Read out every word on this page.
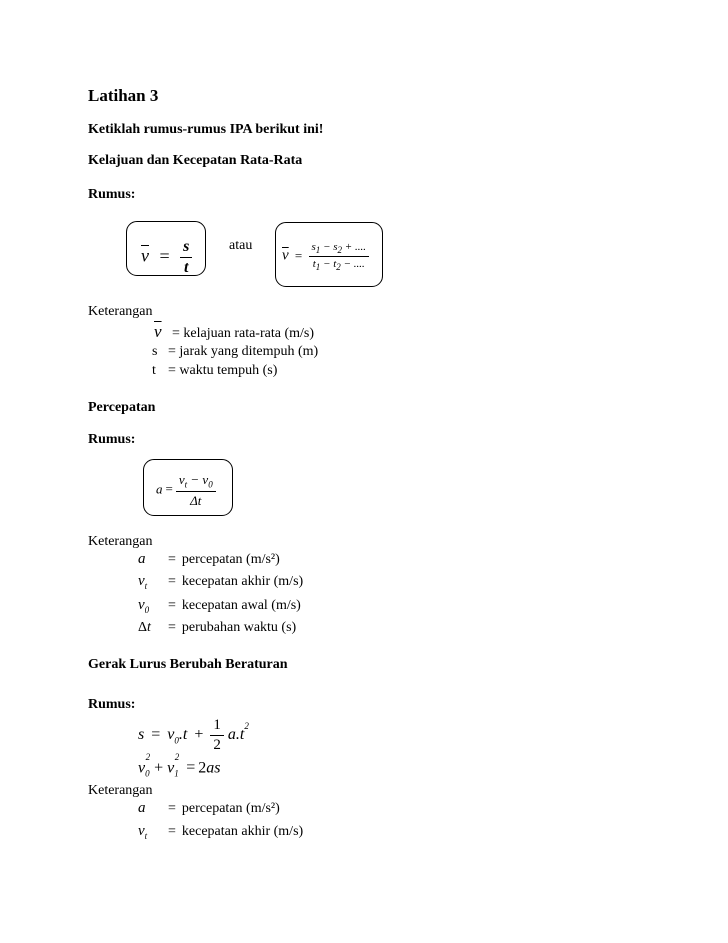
Latihan 3
Ketiklah rumus-rumus IPA berikut ini!
Kelajuan dan Kecepatan Rata-Rata
Rumus:
$\overline{v} = \frac{s}{t}$	atau
$\overline{v} = \frac{s_1 - s_2 + ....}{t_1 - t_2 - ....}$
Keterangan
$\overline{v}$ = kelajuan rata-rata (m/s)
s = jarak yang ditempuh (m)
t = waktu tempuh (s)
Percepatan
Rumus:
$a = \frac{v_t - v_0}{\Delta t}$
Keterangan
a = percepatan (m/s²)
$v_t$ = kecepatan akhir (m/s)
$v_0$ = kecepatan awal (m/s)
Δt = perubahan waktu (s)
Gerak Lurus Berubah Beraturan
Rumus:
$s = v_0.t + \frac{1}{2} a.t^2$
$v_0^2+ v_1^2= 2as$
Keterangan
a = percepatan (m/s²)
$v_t$ = kecepatan akhir (m/s)
